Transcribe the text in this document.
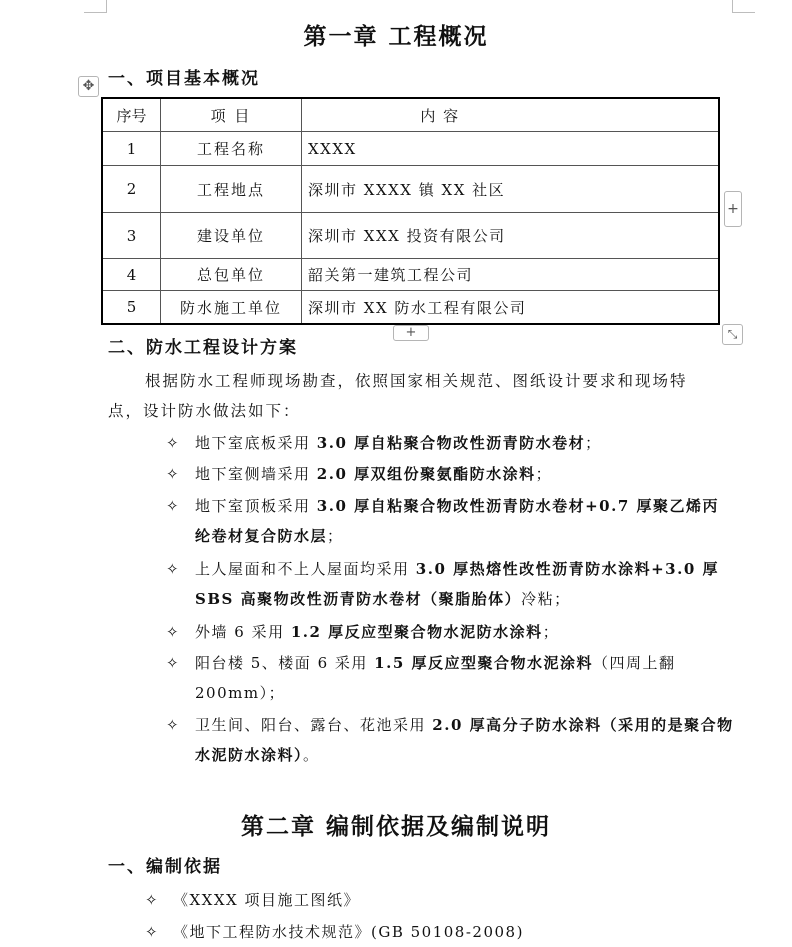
第一章 工程概况
一、项目基本概况
✥
序号	项 目	内 容
1	工程名称	XXXX
2	工程地点	深圳市 XXXX 镇 XX 社区
3	建设单位	深圳市 XXX 投资有限公司
4	总包单位	韶关第一建筑工程公司
5	防水施工单位	深圳市 XX 防水工程有限公司
+
+	⤡
二、防水工程设计方案
根据防水工程师现场勘查，依照国家相关规范、图纸设计要求和现场特
点，设计防水做法如下：
✧ 地下室底板采用 3.0 厚自粘聚合物改性沥青防水卷材；
✧ 地下室侧墙采用 2.0 厚双组份聚氨酯防水涂料；
✧ 地下室顶板采用 3.0 厚自粘聚合物改性沥青防水卷材+0.7 厚聚乙烯丙纶卷材复合防水层；
✧ 上人屋面和不上人屋面均采用 3.0 厚热熔性改性沥青防水涂料+3.0 厚 SBS 高聚物改性沥青防水卷材（聚脂胎体）冷粘；
✧ 外墙 6 采用 1.2 厚反应型聚合物水泥防水涂料；
✧ 阳台楼 5、楼面 6 采用 1.5 厚反应型聚合物水泥涂料（四周上翻 200mm）；
✧ 卫生间、阳台、露台、花池采用 2.0 厚高分子防水涂料（采用的是聚合物水泥防水涂料）。
第二章 编制依据及编制说明
一、编制依据
✧ 《XXXX 项目施工图纸》
✧ 《地下工程防水技术规范》(GB 50108-2008)
